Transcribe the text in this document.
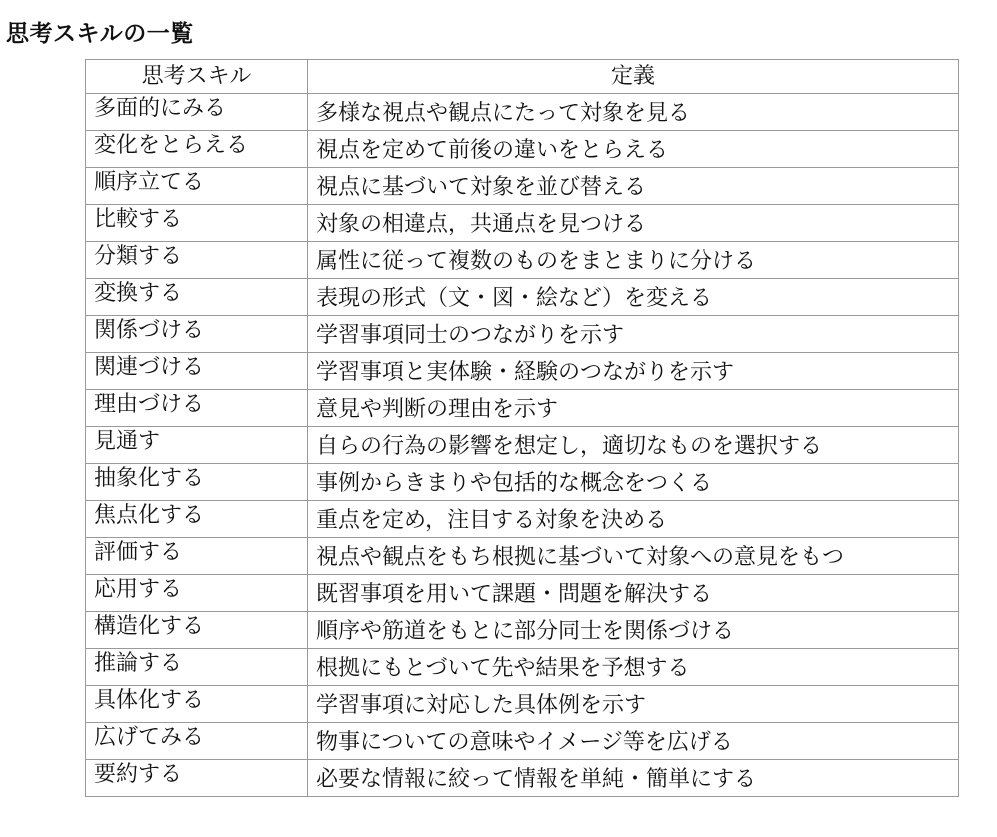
思考スキルの一覧
思考スキル	定義
多面的にみる	多様な視点や観点にたって対象を見る
変化をとらえる	視点を定めて前後の違いをとらえる
順序立てる	視点に基づいて対象を並び替える
比較する	対象の相違点，共通点を見つける
分類する	属性に従って複数のものをまとまりに分ける
変換する	表現の形式（文・図・絵など）を変える
関係づける	学習事項同士のつながりを示す
関連づける	学習事項と実体験・経験のつながりを示す
理由づける	意見や判断の理由を示す
見通す	自らの行為の影響を想定し，適切なものを選択する
抽象化する	事例からきまりや包括的な概念をつくる
焦点化する	重点を定め，注目する対象を決める
評価する	視点や観点をもち根拠に基づいて対象への意見をもつ
応用する	既習事項を用いて課題・問題を解決する
構造化する	順序や筋道をもとに部分同士を関係づける
推論する	根拠にもとづいて先や結果を予想する
具体化する	学習事項に対応した具体例を示す
広げてみる	物事についての意味やイメージ等を広げる
要約する	必要な情報に絞って情報を単純・簡単にする
